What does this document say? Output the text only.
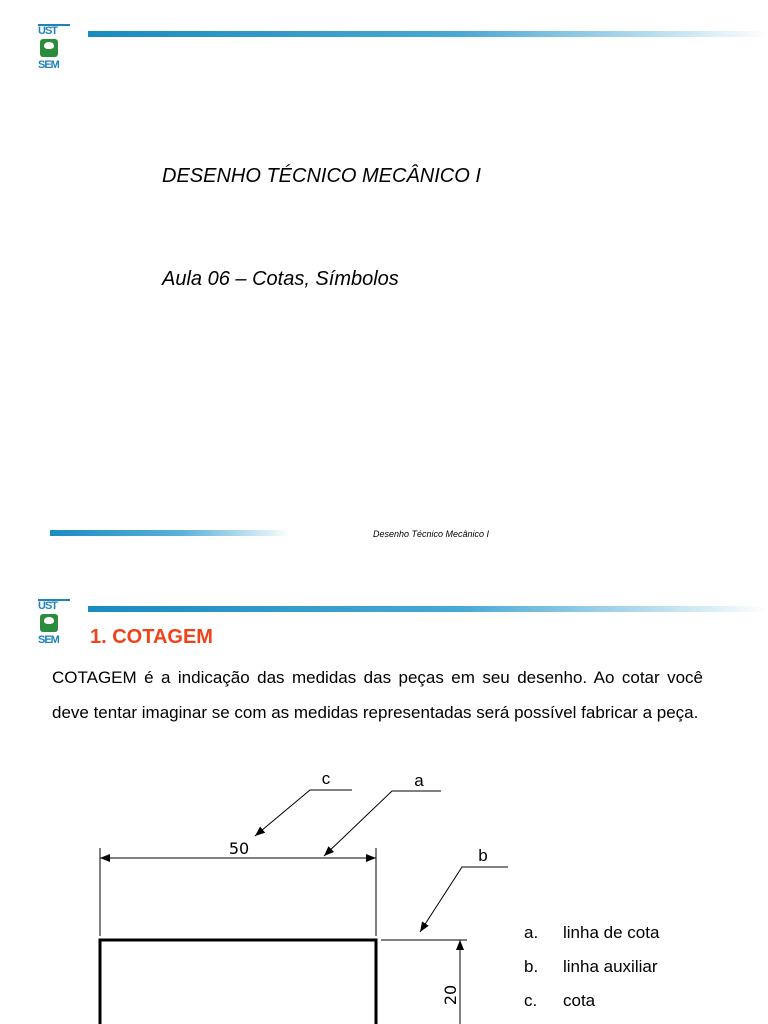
UST
SEM
DESENHO TÉCNICO MECÂNICO I
Aula 06 – Cotas, Símbolos
Desenho Técnico Mecânico I
UST
SEM 1. COTAGEM
COTAGEM é a indicação das medidas das peças em seu desenho. Ao cotar você deve tentar imaginar se com as medidas representadas será possível fabricar a peça.
50
20
c	a
b
a.	linha de cota
b.	linha auxiliar
c.	cota
